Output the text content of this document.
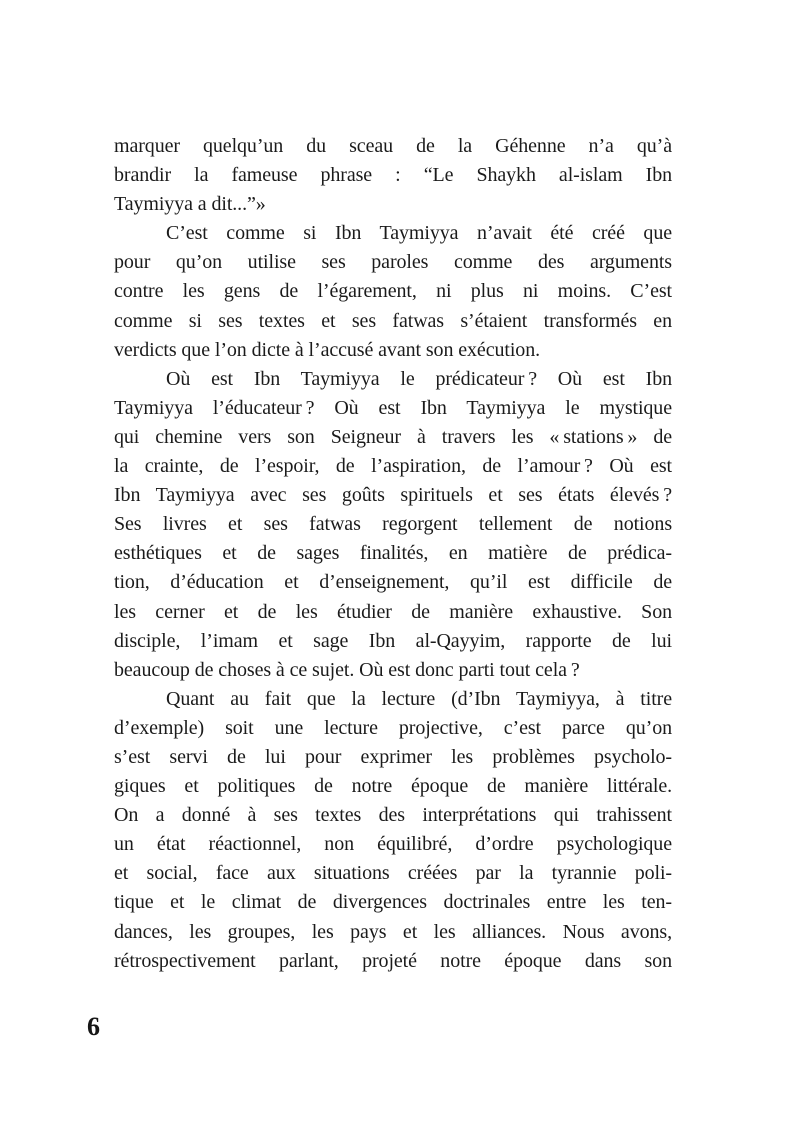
marquer quelqu’un du sceau de la Géhenne n’a qu’à
brandir la fameuse phrase : “Le Shaykh al-islam Ibn
Taymiyya a dit...”»
C’est comme si Ibn Taymiyya n’avait été créé que
pour qu’on utilise ses paroles comme des arguments
contre les gens de l’égarement, ni plus ni moins. C’est
comme si ses textes et ses fatwas s’étaient transformés en
verdicts que l’on dicte à l’accusé avant son exécution.
Où est Ibn Taymiyya le prédicateur ? Où est Ibn
Taymiyya l’éducateur ? Où est Ibn Taymiyya le mystique
qui chemine vers son Seigneur à travers les « stations » de
la crainte, de l’espoir, de l’aspiration, de l’amour ? Où est
Ibn Taymiyya avec ses goûts spirituels et ses états élevés ?
Ses livres et ses fatwas regorgent tellement de notions
esthétiques et de sages finalités, en matière de prédica-
tion, d’éducation et d’enseignement, qu’il est difficile de
les cerner et de les étudier de manière exhaustive. Son
disciple, l’imam et sage Ibn al-Qayyim, rapporte de lui
beaucoup de choses à ce sujet. Où est donc parti tout cela ?
Quant au fait que la lecture (d’Ibn Taymiyya, à titre
d’exemple) soit une lecture projective, c’est parce qu’on
s’est servi de lui pour exprimer les problèmes psycholo-
giques et politiques de notre époque de manière littérale.
On a donné à ses textes des interprétations qui trahissent
un état réactionnel, non équilibré, d’ordre psychologique
et social, face aux situations créées par la tyrannie poli-
tique et le climat de divergences doctrinales entre les ten-
dances, les groupes, les pays et les alliances. Nous avons,
rétrospectivement parlant, projeté notre époque dans son
6
